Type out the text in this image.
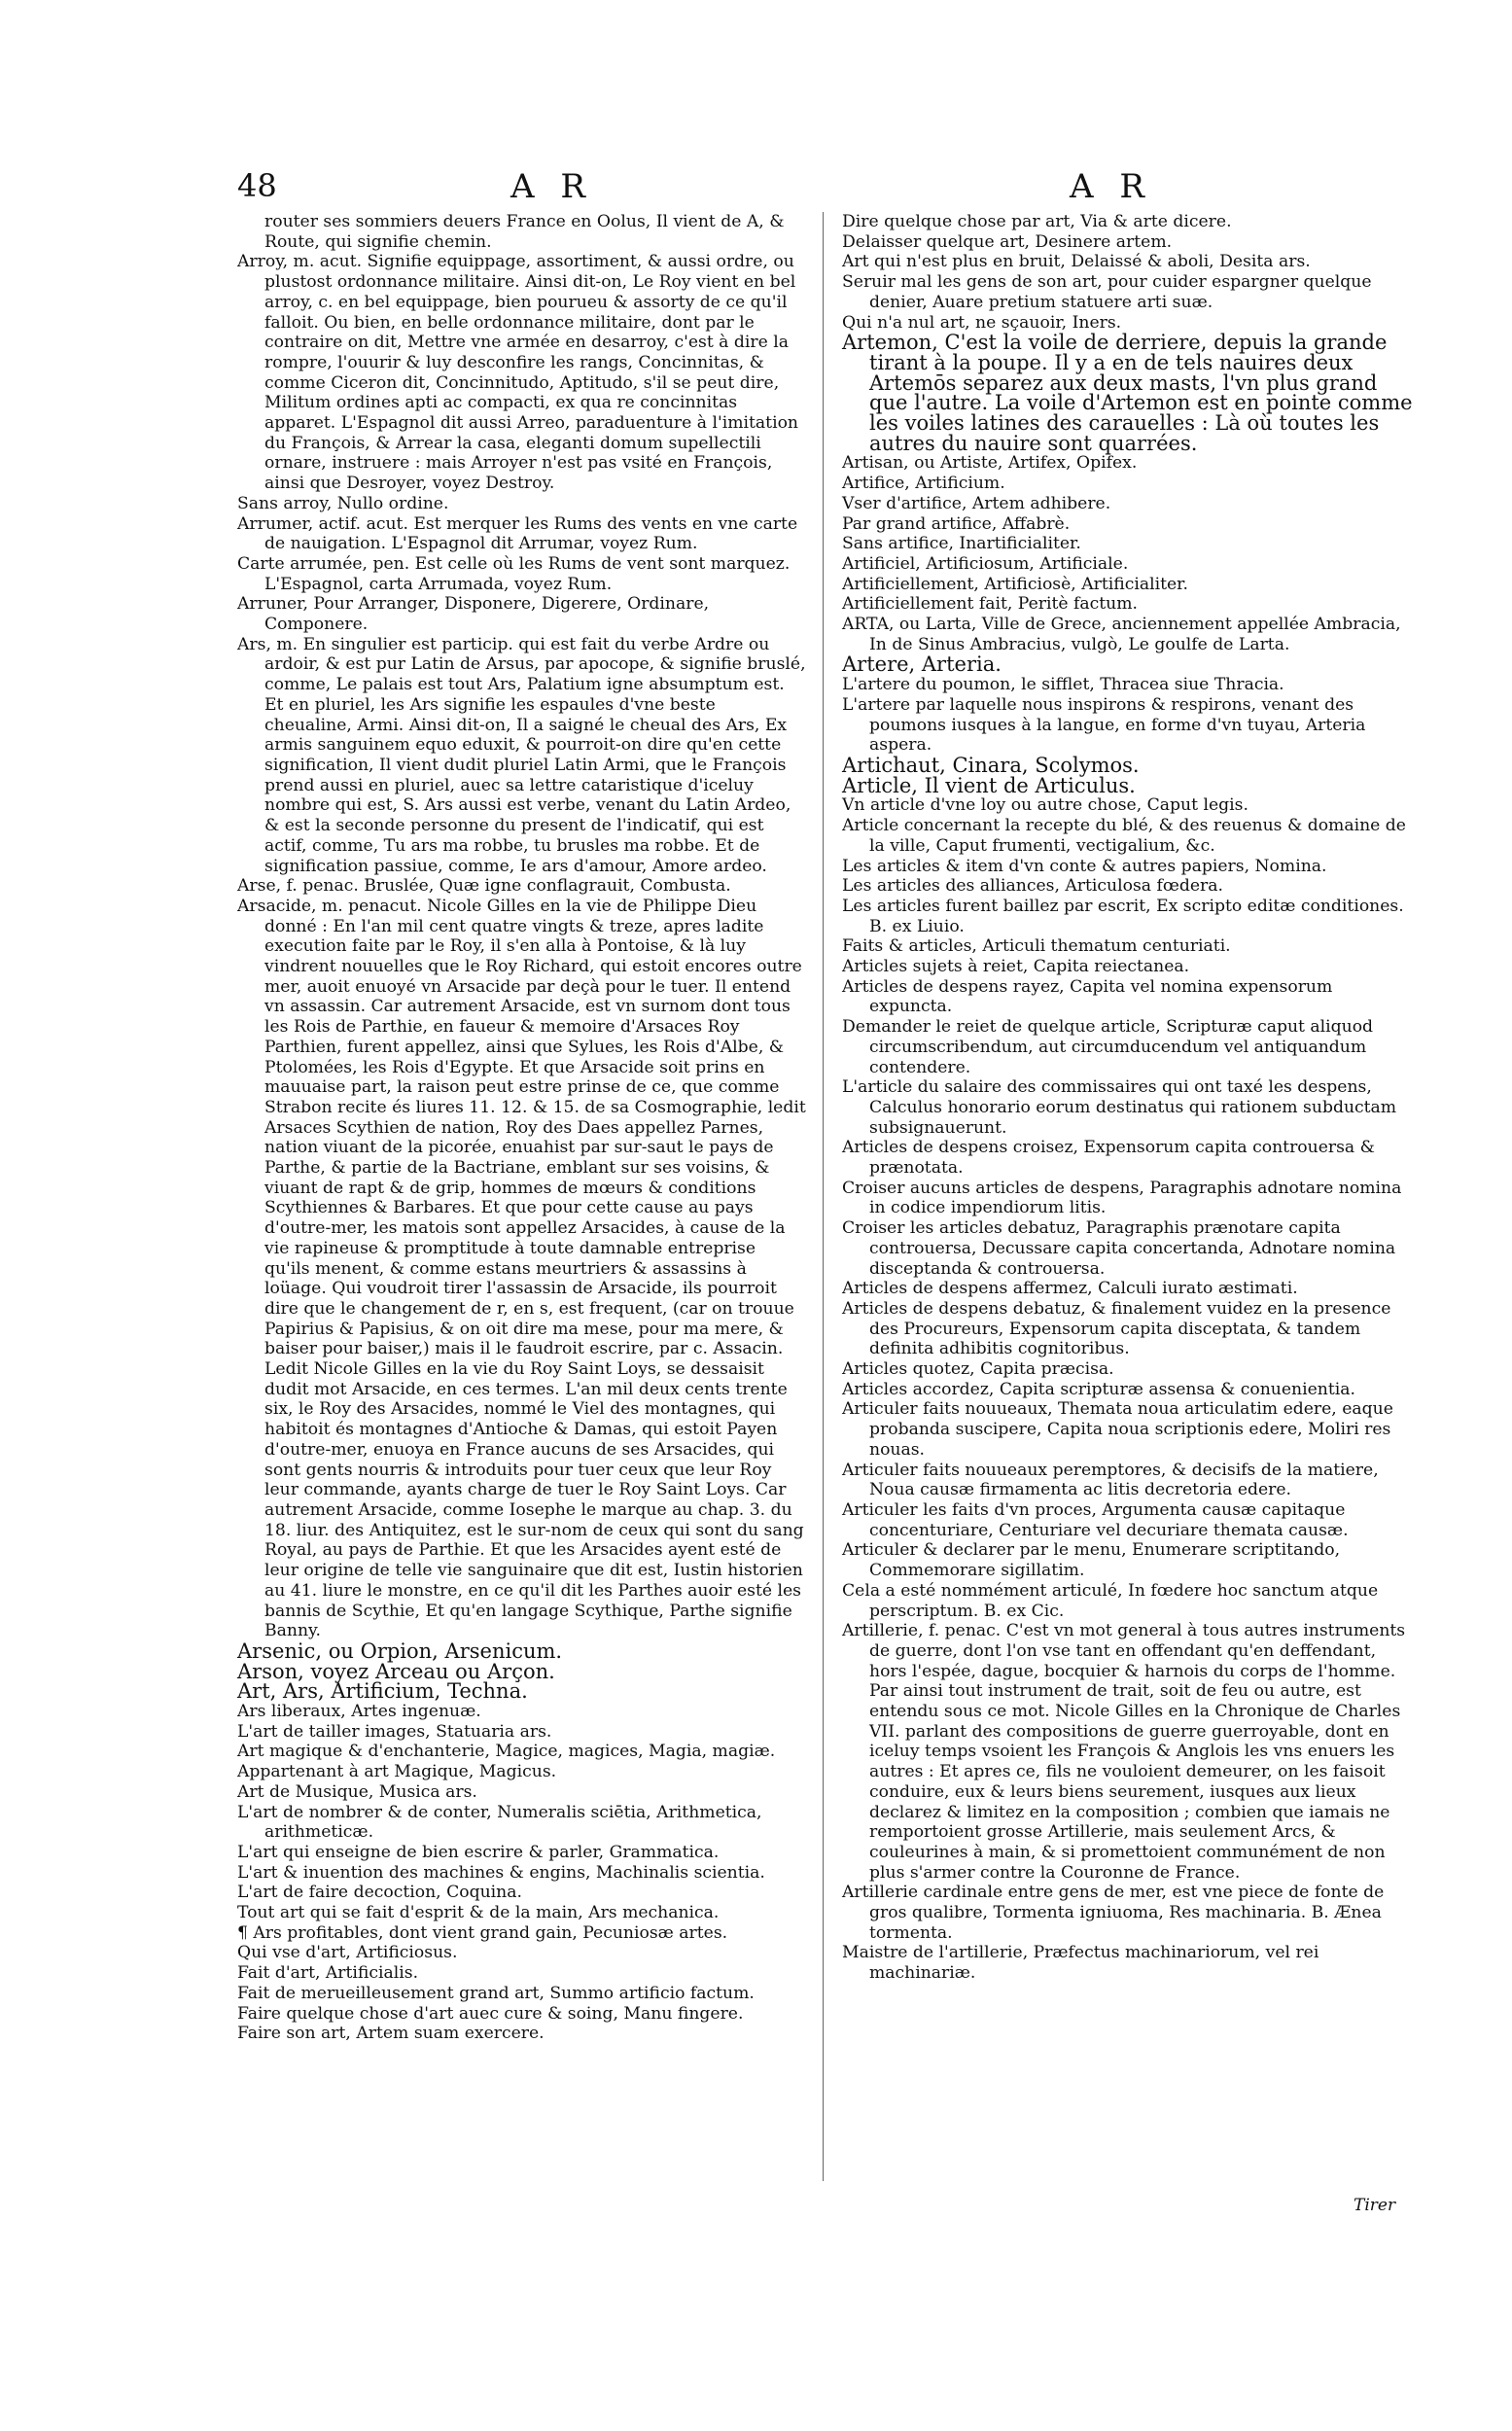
48	A R	A R

router ses sommiers deuers France en Oolus, Il vient de A, & Route, qui signifie chemin.

Arroy, m. acut. Signifie equippage, assortiment, & aussi ordre, ou plustost ordonnance militaire. Ainsi dit-on, Le Roy vient en bel arroy, c. en bel equippage, bien pourueu & assorty de ce qu'il falloit. Ou bien, en belle ordonnance militaire, dont par le contraire on dit, Mettre vne armée en desarroy, c'est à dire la rompre, l'ouurir & luy desconfire les rangs, Concinnitas, & comme Ciceron dit, Concinnitudo, Aptitudo, s'il se peut dire, Militum ordines apti ac compacti, ex qua re concinnitas apparet. L'Espagnol dit aussi Arreo, paraduenture à l'imitation du François, & Arrear la casa, eleganti domum supellectili ornare, instruere : mais Arroyer n'est pas vsité en François, ainsi que Desroyer, voyez Destroy.

Sans arroy, Nullo ordine.

Arrumer, actif. acut. Est merquer les Rums des vents en vne carte de nauigation. L'Espagnol dit Arrumar, voyez Rum.

Carte arrumée, pen. Est celle où les Rums de vent sont marquez. L'Espagnol, carta Arrumada, voyez Rum.

Arruner, Pour Arranger, Disponere, Digerere, Ordinare, Componere.

Ars, m. En singulier est particip. qui est fait du verbe Ardre ou ardoir, & est pur Latin de Arsus, par apocope, & signifie bruslé, comme, Le palais est tout Ars, Palatium igne absumptum est. Et en pluriel, les Ars signifie les espaules d'vne beste cheualine, Armi. Ainsi dit-on, Il a saigné le cheual des Ars, Ex armis sanguinem equo eduxit, & pourroit-on dire qu'en cette signification, Il vient dudit pluriel Latin Armi, que le François prend aussi en pluriel, auec sa lettre cataristique d'iceluy nombre qui est, S. Ars aussi est verbe, venant du Latin Ardeo, & est la seconde personne du present de l'indicatif, qui est actif, comme, Tu ars ma robbe, tu brusles ma robbe. Et de signification passiue, comme, Ie ars d'amour, Amore ardeo.

Arse, f. penac. Bruslée, Quæ igne conflagrauit, Combusta.

Arsacide, m. penacut. Nicole Gilles en la vie de Philippe Dieu donné : En l'an mil cent quatre vingts & treze, apres ladite execution faite par le Roy, il s'en alla à Pontoise, & là luy vindrent nouuelles que le Roy Richard, qui estoit encores outre mer, auoit enuoyé vn Arsacide par deçà pour le tuer. Il entend vn assassin. Car autrement Arsacide, est vn surnom dont tous les Rois de Parthie, en faueur & memoire d'Arsaces Roy Parthien, furent appellez, ainsi que Sylues, les Rois d'Albe, & Ptolomées, les Rois d'Egypte. Et que Arsacide soit prins en mauuaise part, la raison peut estre prinse de ce, que comme Strabon recite és liures 11. 12. & 15. de sa Cosmographie, ledit Arsaces Scythien de nation, Roy des Daes appellez Parnes, nation viuant de la picorée, enuahist par sur-saut le pays de Parthe, & partie de la Bactriane, emblant sur ses voisins, & viuant de rapt & de grip, hommes de mœurs & conditions Scythiennes & Barbares. Et que pour cette cause au pays d'outre-mer, les matois sont appellez Arsacides, à cause de la vie rapineuse & promptitude à toute damnable entreprise qu'ils menent, & comme estans meurtriers & assassins à loüage. Qui voudroit tirer l'assassin de Arsacide, ils pourroit dire que le changement de r, en s, est frequent, (car on trouue Papirius & Papisius, & on oit dire ma mese, pour ma mere, & baiser pour baiser,) mais il le faudroit escrire, par c. Assacin. Ledit Nicole Gilles en la vie du Roy Saint Loys, se dessaisit dudit mot Arsacide, en ces termes. L'an mil deux cents trente six, le Roy des Arsacides, nommé le Viel des montagnes, qui habitoit és montagnes d'Antioche & Damas, qui estoit Payen d'outre-mer, enuoya en France aucuns de ses Arsacides, qui sont gents nourris & introduits pour tuer ceux que leur Roy leur commande, ayants charge de tuer le Roy Saint Loys. Car autrement Arsacide, comme Iosephe le marque au chap. 3. du 18. liur. des Antiquitez, est le sur-nom de ceux qui sont du sang Royal, au pays de Parthie. Et que les Arsacides ayent esté de leur origine de telle vie sanguinaire que dit est, Iustin historien au 41. liure le monstre, en ce qu'il dit les Parthes auoir esté les bannis de Scythie, Et qu'en langage Scythique, Parthe signifie Banny.

Arsenic, ou Orpion, Arsenicum.

Arson, voyez Arceau ou Arçon.

Art, Ars, Artificium, Techna.

Ars liberaux, Artes ingenuæ.

L'art de tailler images, Statuaria ars.

Art magique & d'enchanterie, Magice, magices, Magia, magiæ.

Appartenant à art Magique, Magicus.

Art de Musique, Musica ars.

L'art de nombrer & de conter, Numeralis sciētia, Arithmetica, arithmeticæ.

L'art qui enseigne de bien escrire & parler, Grammatica.

L'art & inuention des machines & engins, Machinalis scientia.

L'art de faire decoction, Coquina.

Tout art qui se fait d'esprit & de la main, Ars mechanica.

¶ Ars profitables, dont vient grand gain, Pecuniosæ artes.

Qui vse d'art, Artificiosus.

Fait d'art, Artificialis.

Fait de merueilleusement grand art, Summo artificio factum.

Faire quelque chose d'art auec cure & soing, Manu fingere.

Faire son art, Artem suam exercere.

Dire quelque chose par art, Via & arte dicere.

Delaisser quelque art, Desinere artem.

Art qui n'est plus en bruit, Delaissé & aboli, Desita ars.

Seruir mal les gens de son art, pour cuider espargner quelque denier, Auare pretium statuere arti suæ.

Qui n'a nul art, ne sçauoir, Iners.

Artemon, C'est la voile de derriere, depuis la grande tirant à la poupe. Il y a en de tels nauires deux Artemōs separez aux deux masts, l'vn plus grand que l'autre. La voile d'Artemon est en pointe comme les voiles latines des carauelles : Là où toutes les autres du nauire sont quarrées.

Artisan, ou Artiste, Artifex, Opifex.

Artifice, Artificium.

Vser d'artifice, Artem adhibere.

Par grand artifice, Affabrè.

Sans artifice, Inartificialiter.

Artificiel, Artificiosum, Artificiale.

Artificiellement, Artificiosè, Artificialiter.

Artificiellement fait, Peritè factum.

ARTA, ou Larta, Ville de Grece, anciennement appellée Ambracia, In de Sinus Ambracius, vulgò, Le goulfe de Larta.

Artere, Arteria.

L'artere du poumon, le sifflet, Thracea siue Thracia.

L'artere par laquelle nous inspirons & respirons, venant des poumons iusques à la langue, en forme d'vn tuyau, Arteria aspera.

Artichaut, Cinara, Scolymos.

Article, Il vient de Articulus.

Vn article d'vne loy ou autre chose, Caput legis.

Article concernant la recepte du blé, & des reuenus & domaine de la ville, Caput frumenti, vectigalium, &c.

Les articles & item d'vn conte & autres papiers, Nomina.

Les articles des alliances, Articulosa fœdera.

Les articles furent baillez par escrit, Ex scripto editæ conditiones. B. ex Liuio.

Faits & articles, Articuli thematum centuriati.

Articles sujets à reiet, Capita reiectanea.

Articles de despens rayez, Capita vel nomina expensorum expuncta.

Demander le reiet de quelque article, Scripturæ caput aliquod circumscribendum, aut circumducendum vel antiquandum contendere.

L'article du salaire des commissaires qui ont taxé les despens, Calculus honorario eorum destinatus qui rationem subductam subsignauerunt.

Articles de despens croisez, Expensorum capita controuersa & prænotata.

Croiser aucuns articles de despens, Paragraphis adnotare nomina in codice impendiorum litis.

Croiser les articles debatuz, Paragraphis prænotare capita controuersa, Decussare capita concertanda, Adnotare nomina disceptanda & controuersa.

Articles de despens affermez, Calculi iurato æstimati.

Articles de despens debatuz, & finalement vuidez en la presence des Procureurs, Expensorum capita disceptata, & tandem definita adhibitis cognitoribus.

Articles quotez, Capita præcisa.

Articles accordez, Capita scripturæ assensa & conuenientia.

Articuler faits nouueaux, Themata noua articulatim edere, eaque probanda suscipere, Capita noua scriptionis edere, Moliri res nouas.

Articuler faits nouueaux peremptores, & decisifs de la matiere, Noua causæ firmamenta ac litis decretoria edere.

Articuler les faits d'vn proces, Argumenta causæ capitaque concenturiare, Centuriare vel decuriare themata causæ.

Articuler & declarer par le menu, Enumerare scriptitando, Commemorare sigillatim.

Cela a esté nommément articulé, In fœdere hoc sanctum atque perscriptum. B. ex Cic.

Artillerie, f. penac. C'est vn mot general à tous autres instruments de guerre, dont l'on vse tant en offendant qu'en deffendant, hors l'espée, dague, bocquier & harnois du corps de l'homme. Par ainsi tout instrument de trait, soit de feu ou autre, est entendu sous ce mot. Nicole Gilles en la Chronique de Charles VII. parlant des compositions de guerre guerroyable, dont en iceluy temps vsoient les François & Anglois les vns enuers les autres : Et apres ce, fils ne vouloient demeurer, on les faisoit conduire, eux & leurs biens seurement, iusques aux lieux declarez & limitez en la composition ; combien que iamais ne remportoient grosse Artillerie, mais seulement Arcs, & couleurines à main, & si promettoient communément de non plus s'armer contre la Couronne de France.

Artillerie cardinale entre gens de mer, est vne piece de fonte de gros qualibre, Tormenta igniuoma, Res machinaria. B. Ænea tormenta.

Maistre de l'artillerie, Præfectus machinariorum, vel rei machinariæ.

Tirer
